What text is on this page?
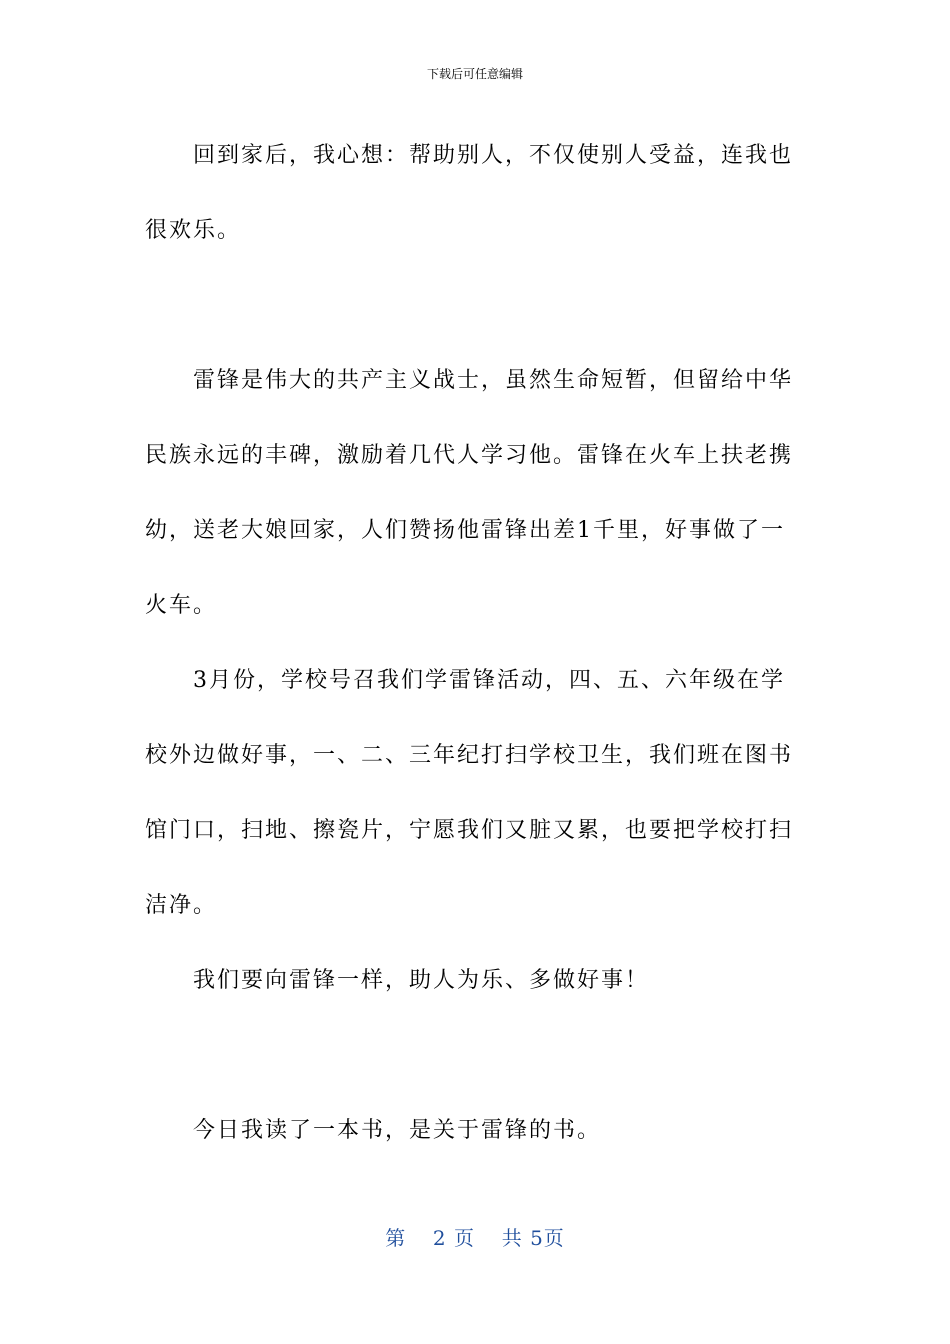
下载后可任意编辑

回到家后，我心想：帮助别人，不仅使别人受益，连我也很欢乐。

雷锋是伟大的共产主义战士，虽然生命短暂，但留给中华民族永远的丰碑，激励着几代人学习他。雷锋在火车上扶老携幼，送老大娘回家，人们赞扬他雷锋出差1千里，好事做了一火车。

3月份，学校号召我们学雷锋活动，四、五、六年级在学校外边做好事，一、二、三年纪打扫学校卫生，我们班在图书馆门口，扫地、擦瓷片，宁愿我们又脏又累，也要把学校打扫洁净。

我们要向雷锋一样，助人为乐、多做好事！

今日我读了一本书，是关于雷锋的书。

第 2 页 共 5页
